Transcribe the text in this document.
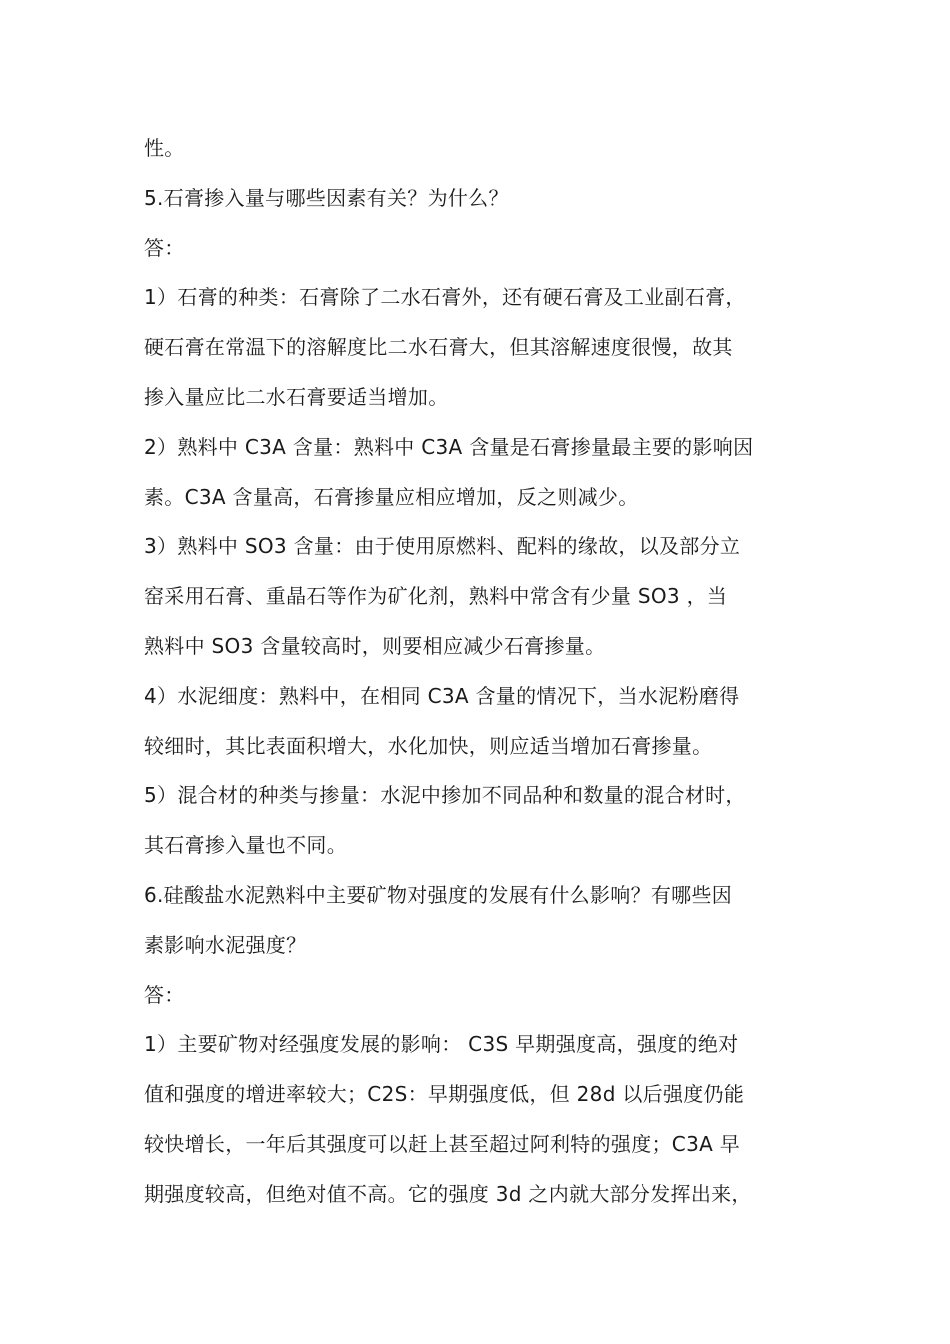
性。
5.石膏掺入量与哪些因素有关？为什么？
答：
1）石膏的种类：石膏除了二水石膏外，还有硬石膏及工业副石膏，
硬石膏在常温下的溶解度比二水石膏大，但其溶解速度很慢，故其
掺入量应比二水石膏要适当增加。
2）熟料中 C3A 含量：熟料中 C3A 含量是石膏掺量最主要的影响因
素。C3A 含量高，石膏掺量应相应增加，反之则减少。
3）熟料中 SO3 含量：由于使用原燃料、配料的缘故，以及部分立
窑采用石膏、重晶石等作为矿化剂，熟料中常含有少量 SO3 ，当
熟料中 SO3 含量较高时，则要相应减少石膏掺量。
4）水泥细度：熟料中，在相同 C3A 含量的情况下，当水泥粉磨得
较细时，其比表面积增大，水化加快，则应适当增加石膏掺量。
5）混合材的种类与掺量：水泥中掺加不同品种和数量的混合材时，
其石膏掺入量也不同。
6.硅酸盐水泥熟料中主要矿物对强度的发展有什么影响？有哪些因
素影响水泥强度？
答：
1）主要矿物对经强度发展的影响： C3S 早期强度高，强度的绝对
值和强度的增进率较大；C2S：早期强度低，但 28d 以后强度仍能
较快增长，一年后其强度可以赶上甚至超过阿利特的强度；C3A 早
期强度较高，但绝对值不高。它的强度 3d 之内就大部分发挥出来，
